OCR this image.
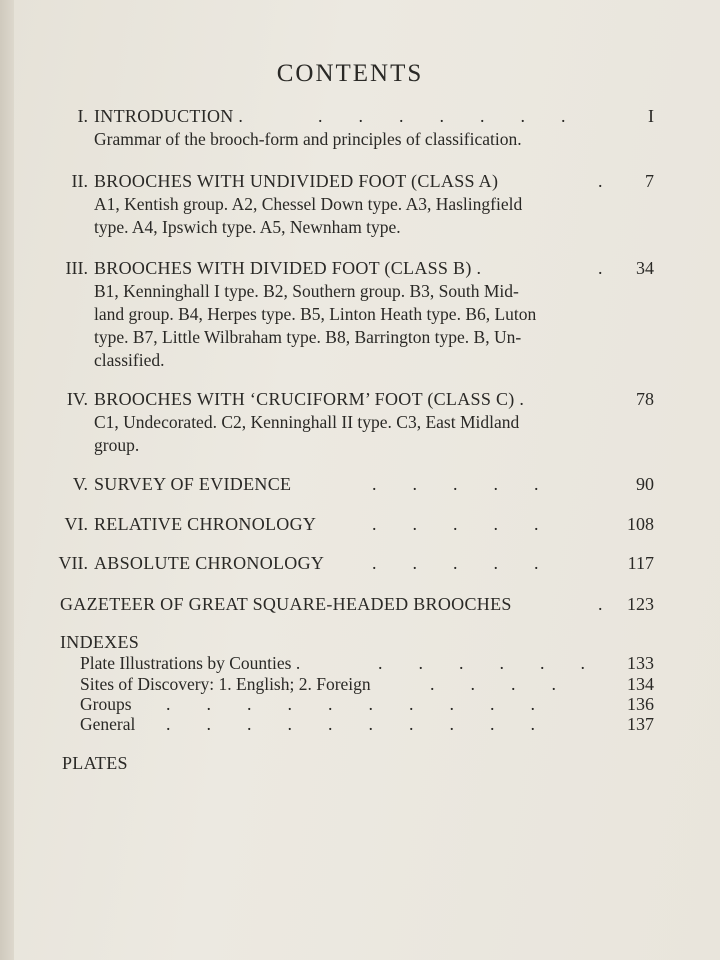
CONTENTS
I. INTRODUCTION .	.        .        .        .        .        .        .	I
Grammar of the brooch-form and principles of classification.
II. BROOCHES WITH UNDIVIDED FOOT (CLASS A)	.	7
A1, Kentish group. A2, Chessel Down type. A3, Haslingfield
type. A4, Ipswich type. A5, Newnham type.
III. BROOCHES WITH DIVIDED FOOT (CLASS B) .	.	34
B1, Kenninghall I type. B2, Southern group. B3, South Mid-
land group. B4, Herpes type. B5, Linton Heath type. B6, Luton
type. B7, Little Wilbraham type. B8, Barrington type. B, Un-
classified.
IV. BROOCHES WITH ‘CRUCIFORM’ FOOT (CLASS C) .	78
C1, Undecorated. C2, Kenninghall II type. C3, East Midland
group.
V. SURVEY OF EVIDENCE	.        .        .        .        .	90
VI. RELATIVE CHRONOLOGY	.        .        .        .        .	108
VII. ABSOLUTE CHRONOLOGY	.        .        .        .        .	117
GAZETEER OF GREAT SQUARE-HEADED BROOCHES	.	123
INDEXES
Plate Illustrations by Counties .	.        .        .        .        .        .	133
Sites of Discovery: 1. English; 2. Foreign	.        .        .        .	134
Groups .        .        .        .        .        .        .        .        .        .	136
General .        .        .        .        .        .        .        .        .        .	137
PLATES
